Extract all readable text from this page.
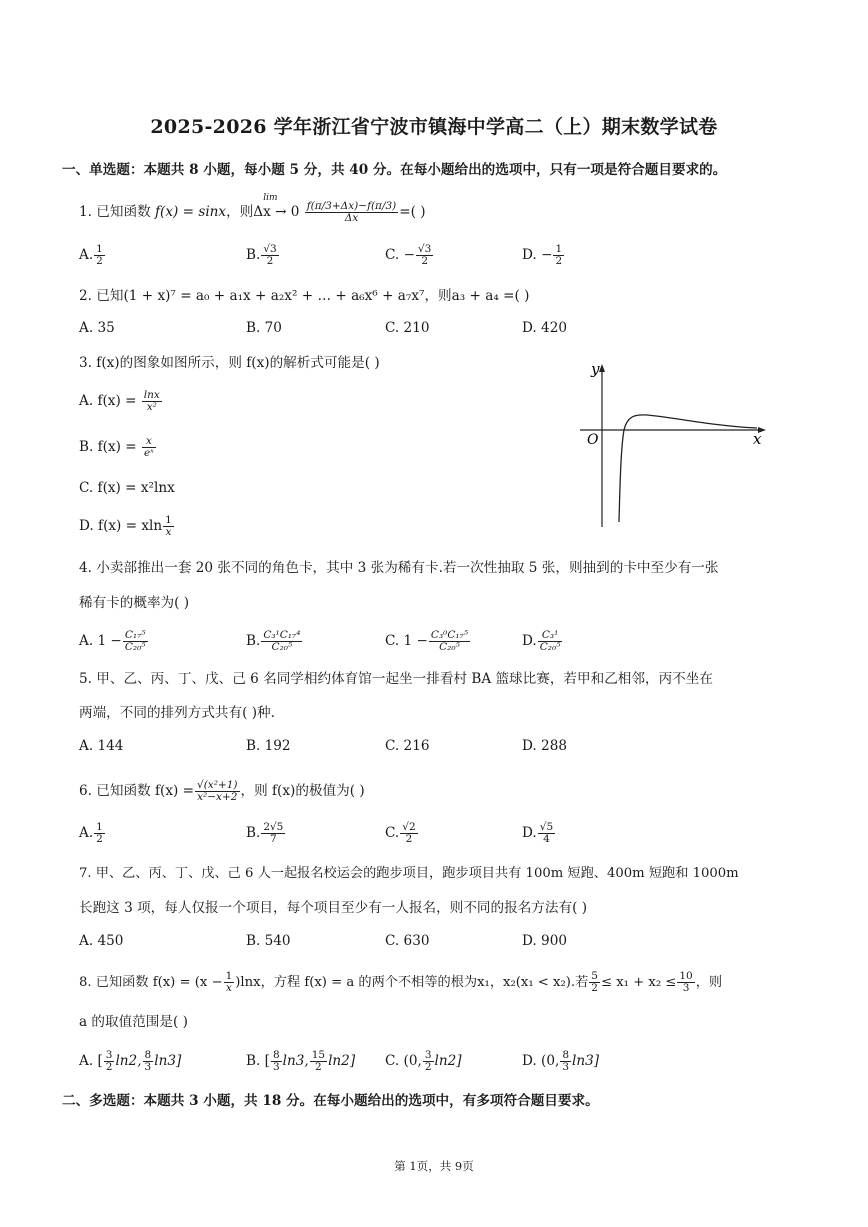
2025-2026 学年浙江省宁波市镇海中学高二（上）期末数学试卷
一、单选题：本题共 8 小题，每小题 5 分，共 40 分。在每小题给出的选项中，只有一项是符合题目要求的。
1. 已知函数 f(x) = sinx，则
lim
$\Delta x \to 0 \frac{f(\pi/3+\Delta x)-f(\pi/3)}{\Delta x}$ =( )
A. $\frac{1}{2}$	B. $\frac{√3}{2}$	C. − $\frac{√3}{2}$	D. − $\frac{1}{2}$
2. 已知(1 + x)⁷ = a₀ + a₁x + a₂x² + … + a₆x⁶ + a₇x⁷，则a₃ + a₄ =( )
A. 35	B. 70	C. 210	D. 420
3. f(x)的图象如图所示，则 f(x)的解析式可能是( )
A. $f(x) = \frac{\ln x}{\text{x²}}$
B. $f(x) = \frac{x}{\text{eˣ}}$
C. f(x) = x²lnx
D. f(x) = xln $\frac{1}{x}$
y
x
O
4. 小卖部推出一套 20 张不同的角色卡，其中 3 张为稀有卡.若一次性抽取 5 张，则抽到的卡中至少有一张
稀有卡的概率为( )
A. $1 - \frac{\text{C₁₇⁵}}{\text{C₂₀⁵}}$	B. $\frac{\text{C₃¹C₁₇⁴}}{\text{C₂₀⁵}}$	C. $1 - \frac{\text{C₃⁰C₁₇⁵}}{\text{C₂₀⁵}}$	D. $\frac{\text{C₃¹}}{\text{C₂₀⁵}}$
5. 甲、乙、丙、丁、戊、己 6 名同学相约体育馆一起坐一排看村 BA 篮球比赛，若甲和乙相邻，丙不坐在
两端，不同的排列方式共有( )种.
A. 144	B. 192	C. 216	D. 288
6. 已知函数 $f(x) = \frac{\text{√(x²+1)}}{\text{x²−x+2}}$ ，则 f(x)的极值为( )
A. $\frac{1}{2}$	B. $\frac{2√5}{7}$	C. $\frac{√2}{2}$	D. $\frac{√5}{4}$
7. 甲、乙、丙、丁、戊、己 6 人一起报名校运会的跑步项目，跑步项目共有 100m 短跑、400m 短跑和 1000m
长跑这 3 项，每人仅报一个项目，每个项目至少有一人报名，则不同的报名方法有( )
A. 450	B. 540	C. 630	D. 900
8. 已知函数 $f(x) = (x - \frac{1}{x} )\ln x$，方程 f(x) = a 的两个不相等的根为x₁，x₂(x₁ < x₂).若 $\frac{5}{2} \le x_1 + x_2 \le \frac{10}{3}$ ，则
a 的取值范围是( )
A. [ $\frac{3}{2} \ln 2$, $\frac{8}{3} \ln 3$]	B. [ $\frac{8}{3} \ln 3$, $\frac{15}{2} \ln 2$] C. (0, $\frac{3}{2} \ln 2$]	D. (0, $\frac{8}{3} \ln 3$]
二、多选题：本题共 3 小题，共 18 分。在每小题给出的选项中，有多项符合题目要求。
第 1页，共 9页
